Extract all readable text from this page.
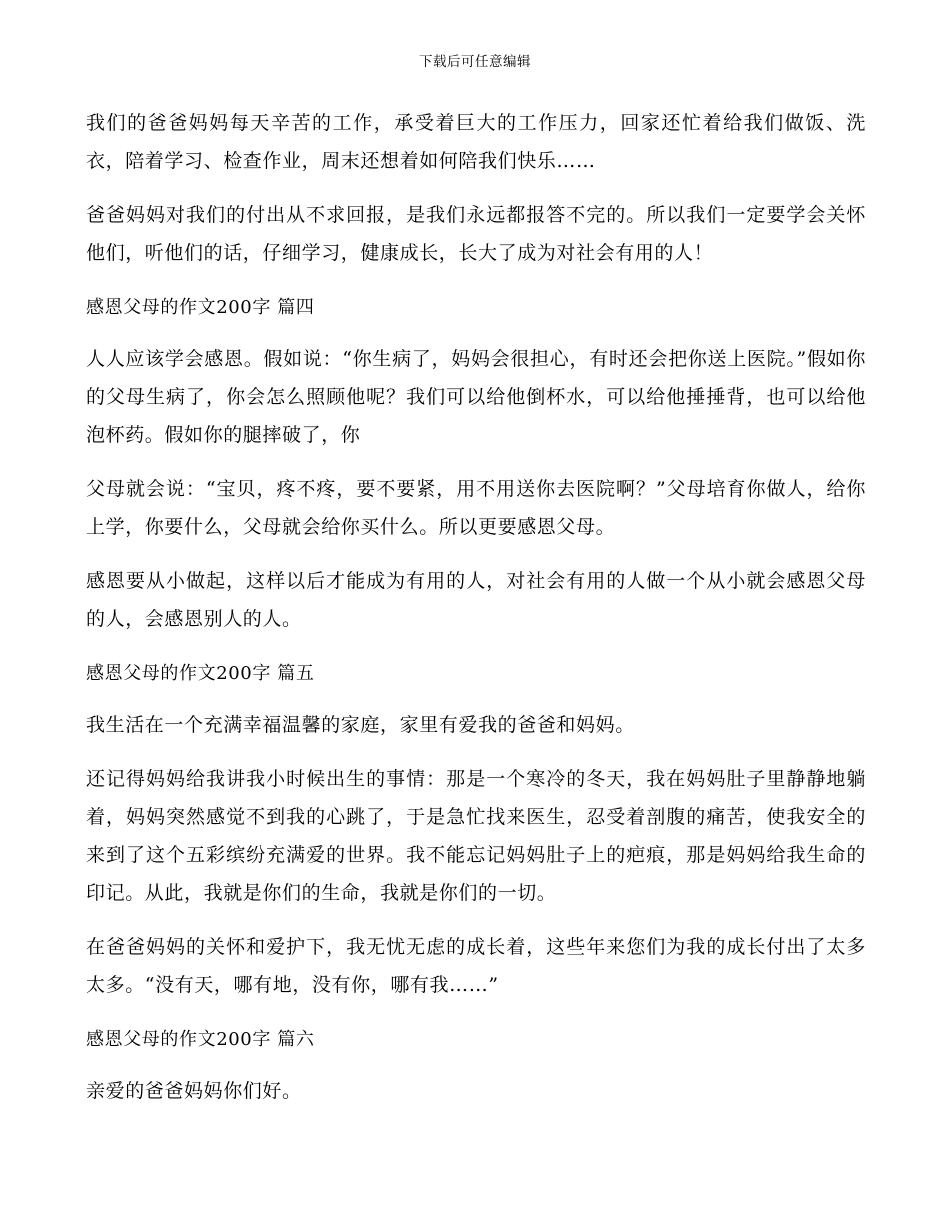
下载后可任意编辑

我们的爸爸妈妈每天辛苦的工作，承受着巨大的工作压力，回家还忙着给我们做饭、洗衣，陪着学习、检查作业，周末还想着如何陪我们快乐……

爸爸妈妈对我们的付出从不求回报，是我们永远都报答不完的。所以我们一定要学会关怀他们，听他们的话，仔细学习，健康成长，长大了成为对社会有用的人！

感恩父母的作文200字 篇四

人人应该学会感恩。假如说：“你生病了，妈妈会很担心，有时还会把你送上医院。”假如你的父母生病了，你会怎么照顾他呢？我们可以给他倒杯水，可以给他捶捶背，也可以给他泡杯药。假如你的腿摔破了，你

父母就会说：“宝贝，疼不疼，要不要紧，用不用送你去医院啊？”父母培育你做人，给你上学，你要什么，父母就会给你买什么。所以更要感恩父母。

感恩要从小做起，这样以后才能成为有用的人，对社会有用的人做一个从小就会感恩父母的人，会感恩别人的人。

感恩父母的作文200字 篇五

我生活在一个充满幸福温馨的家庭，家里有爱我的爸爸和妈妈。

还记得妈妈给我讲我小时候出生的事情：那是一个寒冷的冬天，我在妈妈肚子里静静地躺着，妈妈突然感觉不到我的心跳了，于是急忙找来医生，忍受着剖腹的痛苦，使我安全的来到了这个五彩缤纷充满爱的世界。我不能忘记妈妈肚子上的疤痕，那是妈妈给我生命的印记。从此，我就是你们的生命，我就是你们的一切。

在爸爸妈妈的关怀和爱护下，我无忧无虑的成长着，这些年来您们为我的成长付出了太多太多。“没有天，哪有地，没有你，哪有我……”

感恩父母的作文200字 篇六

亲爱的爸爸妈妈你们好。
